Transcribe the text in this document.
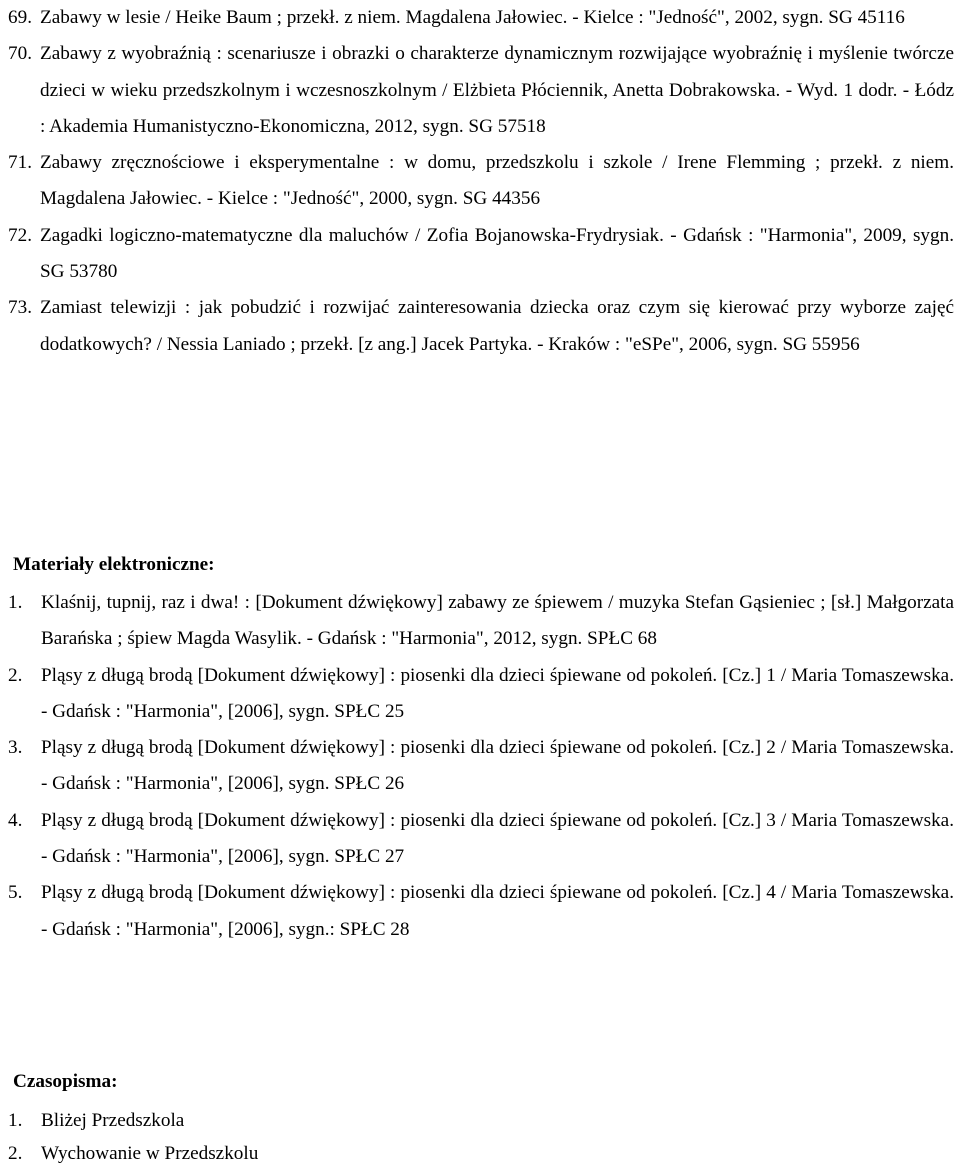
69. Zabawy w lesie / Heike Baum ; przekł. z niem. Magdalena Jałowiec. - Kielce : "Jedność", 2002, sygn. SG 45116
70. Zabawy z wyobraźnią : scenariusze i obrazki o charakterze dynamicznym rozwijające wyobraźnię i myślenie twórcze dzieci w wieku przedszkolnym i wczesnoszkolnym / Elżbieta Płóciennik, Anetta Dobrakowska. - Wyd. 1 dodr. - Łódz : Akademia Humanistyczno-Ekonomiczna, 2012, sygn. SG 57518
71. Zabawy zręcznościowe i eksperymentalne : w domu, przedszkolu i szkole / Irene Flemming ; przekł. z niem. Magdalena Jałowiec. - Kielce : "Jedność", 2000, sygn. SG 44356
72. Zagadki logiczno-matematyczne dla maluchów / Zofia Bojanowska-Frydrysiak. - Gdańsk : "Harmonia", 2009, sygn. SG 53780
73. Zamiast telewizji : jak pobudzić i rozwijać zainteresowania dziecka oraz czym się kierować przy wyborze zajęć dodatkowych? / Nessia Laniado ; przekł. [z ang.] Jacek Partyka. - Kraków : "eSPe", 2006, sygn. SG 55956
Materiały elektroniczne:
1. Klaśnij, tupnij, raz i dwa! : [Dokument dźwiękowy] zabawy ze śpiewem / muzyka Stefan Gąsieniec ; [sł.] Małgorzata Barańska ; śpiew Magda Wasylik. - Gdańsk : "Harmonia", 2012, sygn. SPŁC 68
2. Pląsy z długą brodą [Dokument dźwiękowy] : piosenki dla dzieci śpiewane od pokoleń. [Cz.] 1 / Maria Tomaszewska. - Gdańsk : "Harmonia", [2006], sygn. SPŁC 25
3. Pląsy z długą brodą [Dokument dźwiękowy] : piosenki dla dzieci śpiewane od pokoleń. [Cz.] 2 / Maria Tomaszewska. - Gdańsk : "Harmonia", [2006], sygn. SPŁC 26
4. Pląsy z długą brodą [Dokument dźwiękowy] : piosenki dla dzieci śpiewane od pokoleń. [Cz.] 3 / Maria Tomaszewska. - Gdańsk : "Harmonia", [2006], sygn. SPŁC 27
5. Pląsy z długą brodą [Dokument dźwiękowy] : piosenki dla dzieci śpiewane od pokoleń. [Cz.] 4 / Maria Tomaszewska. - Gdańsk : "Harmonia", [2006], sygn.: SPŁC 28
Czasopisma:
1. Bliżej Przedszkola
2. Wychowanie w Przedszkolu
